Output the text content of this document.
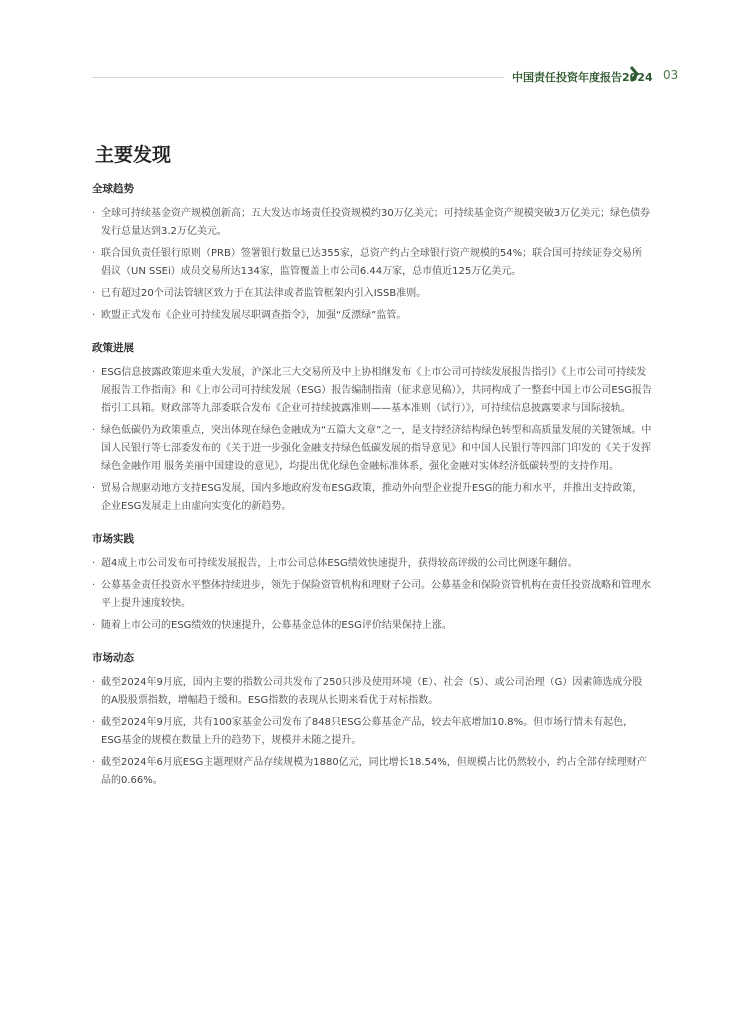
中国责任投资年度报告2024 03
主要发现
全球趋势
· 全球可持续基金资产规模创新高；五大发达市场责任投资规模约30万亿美元；可持续基金资产规模突破3万亿美元；绿色债券发行总量达到3.2万亿美元。
· 联合国负责任银行原则（PRB）签署银行数量已达355家，总资产约占全球银行资产规模的54%；联合国可持续证券交易所倡议（UN SSEi）成员交易所达134家，监管覆盖上市公司6.44万家，总市值近125万亿美元。
· 已有超过20个司法管辖区致力于在其法律或者监管框架内引入ISSB准则。
· 欧盟正式发布《企业可持续发展尽职调查指令》，加强“反漂绿”监管。
政策进展
· ESG信息披露政策迎来重大发展，沪深北三大交易所及中上协相继发布《上市公司可持续发展报告指引》《上市公司可持续发展报告工作指南》和《上市公司可持续发展（ESG）报告编制指南（征求意见稿）》，共同构成了一整套中国上市公司ESG报告指引工具箱。财政部等九部委联合发布《企业可持续披露准则——基本准则（试行）》，可持续信息披露要求与国际接轨。
· 绿色低碳仍为政策重点，突出体现在绿色金融成为“五篇大文章”之一，是支持经济结构绿色转型和高质量发展的关键领域。中国人民银行等七部委发布的《关于进一步强化金融支持绿色低碳发展的指导意见》和中国人民银行等四部门印发的《关于发挥绿色金融作用 服务美丽中国建设的意见》，均提出优化绿色金融标准体系，强化金融对实体经济低碳转型的支持作用。
· 贸易合规驱动地方支持ESG发展，国内多地政府发布ESG政策，推动外向型企业提升ESG的能力和水平，并推出支持政策，企业ESG发展走上由虚向实变化的新趋势。
市场实践
· 超4成上市公司发布可持续发展报告，上市公司总体ESG绩效快速提升，获得较高评级的公司比例逐年翻倍。
· 公募基金责任投资水平整体持续进步，领先于保险资管机构和理财子公司。公募基金和保险资管机构在责任投资战略和管理水平上提升速度较快。
· 随着上市公司的ESG绩效的快速提升，公募基金总体的ESG评价结果保持上涨。
市场动态
· 截至2024年9月底，国内主要的指数公司共发布了250只涉及使用环境（E）、社会（S）、或公司治理（G）因素筛选成分股的A股股票指数，增幅趋于缓和。ESG指数的表现从长期来看优于对标指数。
· 截至2024年9月底，共有100家基金公司发布了848只ESG公募基金产品，较去年底增加10.8%。但市场行情未有起色，ESG基金的规模在数量上升的趋势下，规模并未随之提升。
· 截至2024年6月底ESG主题理财产品存续规模为1880亿元，同比增长18.54%，但规模占比仍然较小，约占全部存续理财产品的0.66%。
